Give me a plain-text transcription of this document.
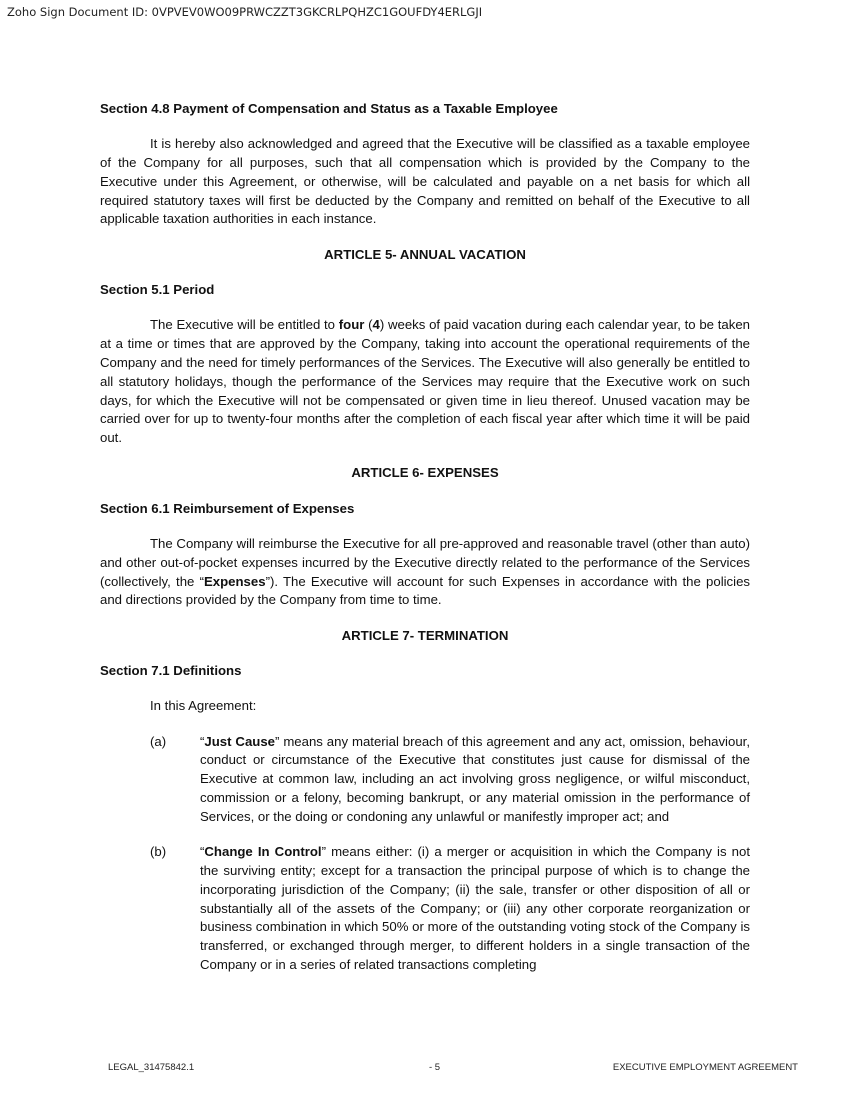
Zoho Sign Document ID: 0VPVEV0WO09PRWCZZT3GKCRLPQHZC1GOUFDY4ERLGJI

Section 4.8 Payment of Compensation and Status as a Taxable Employee

It is hereby also acknowledged and agreed that the Executive will be classified as a taxable employee of the Company for all purposes, such that all compensation which is provided by the Company to the Executive under this Agreement, or otherwise, will be calculated and payable on a net basis for which all required statutory taxes will first be deducted by the Company and remitted on behalf of the Executive to all applicable taxation authorities in each instance.

ARTICLE 5- ANNUAL VACATION

Section 5.1 Period

The Executive will be entitled to four (4) weeks of paid vacation during each calendar year, to be taken at a time or times that are approved by the Company, taking into account the operational requirements of the Company and the need for timely performances of the Services. The Executive will also generally be entitled to all statutory holidays, though the performance of the Services may require that the Executive work on such days, for which the Executive will not be compensated or given time in lieu thereof. Unused vacation may be carried over for up to twenty-four months after the completion of each fiscal year after which time it will be paid out.

ARTICLE 6- EXPENSES

Section 6.1 Reimbursement of Expenses

The Company will reimburse the Executive for all pre-approved and reasonable travel (other than auto) and other out-of-pocket expenses incurred by the Executive directly related to the performance of the Services (collectively, the “Expenses”). The Executive will account for such Expenses in accordance with the policies and directions provided by the Company from time to time.

ARTICLE 7- TERMINATION

Section 7.1 Definitions

In this Agreement:

(a)	“Just Cause” means any material breach of this agreement and any act, omission, behaviour, conduct or circumstance of the Executive that constitutes just cause for dismissal of the Executive at common law, including an act involving gross negligence, or wilful misconduct, commission or a felony, becoming bankrupt, or any material omission in the performance of Services, or the doing or condoning any unlawful or manifestly improper act; and
(b)	“Change In Control” means either: (i) a merger or acquisition in which the Company is not the surviving entity; except for a transaction the principal purpose of which is to change the incorporating jurisdiction of the Company; (ii) the sale, transfer or other disposition of all or substantially all of the assets of the Company; or (iii) any other corporate reorganization or business combination in which 50% or more of the outstanding voting stock of the Company is transferred, or exchanged through merger, to different holders in a single transaction of the Company or in a series of related transactions completing
LEGAL_31475842.1	- 5	EXECUTIVE EMPLOYMENT AGREEMENT
